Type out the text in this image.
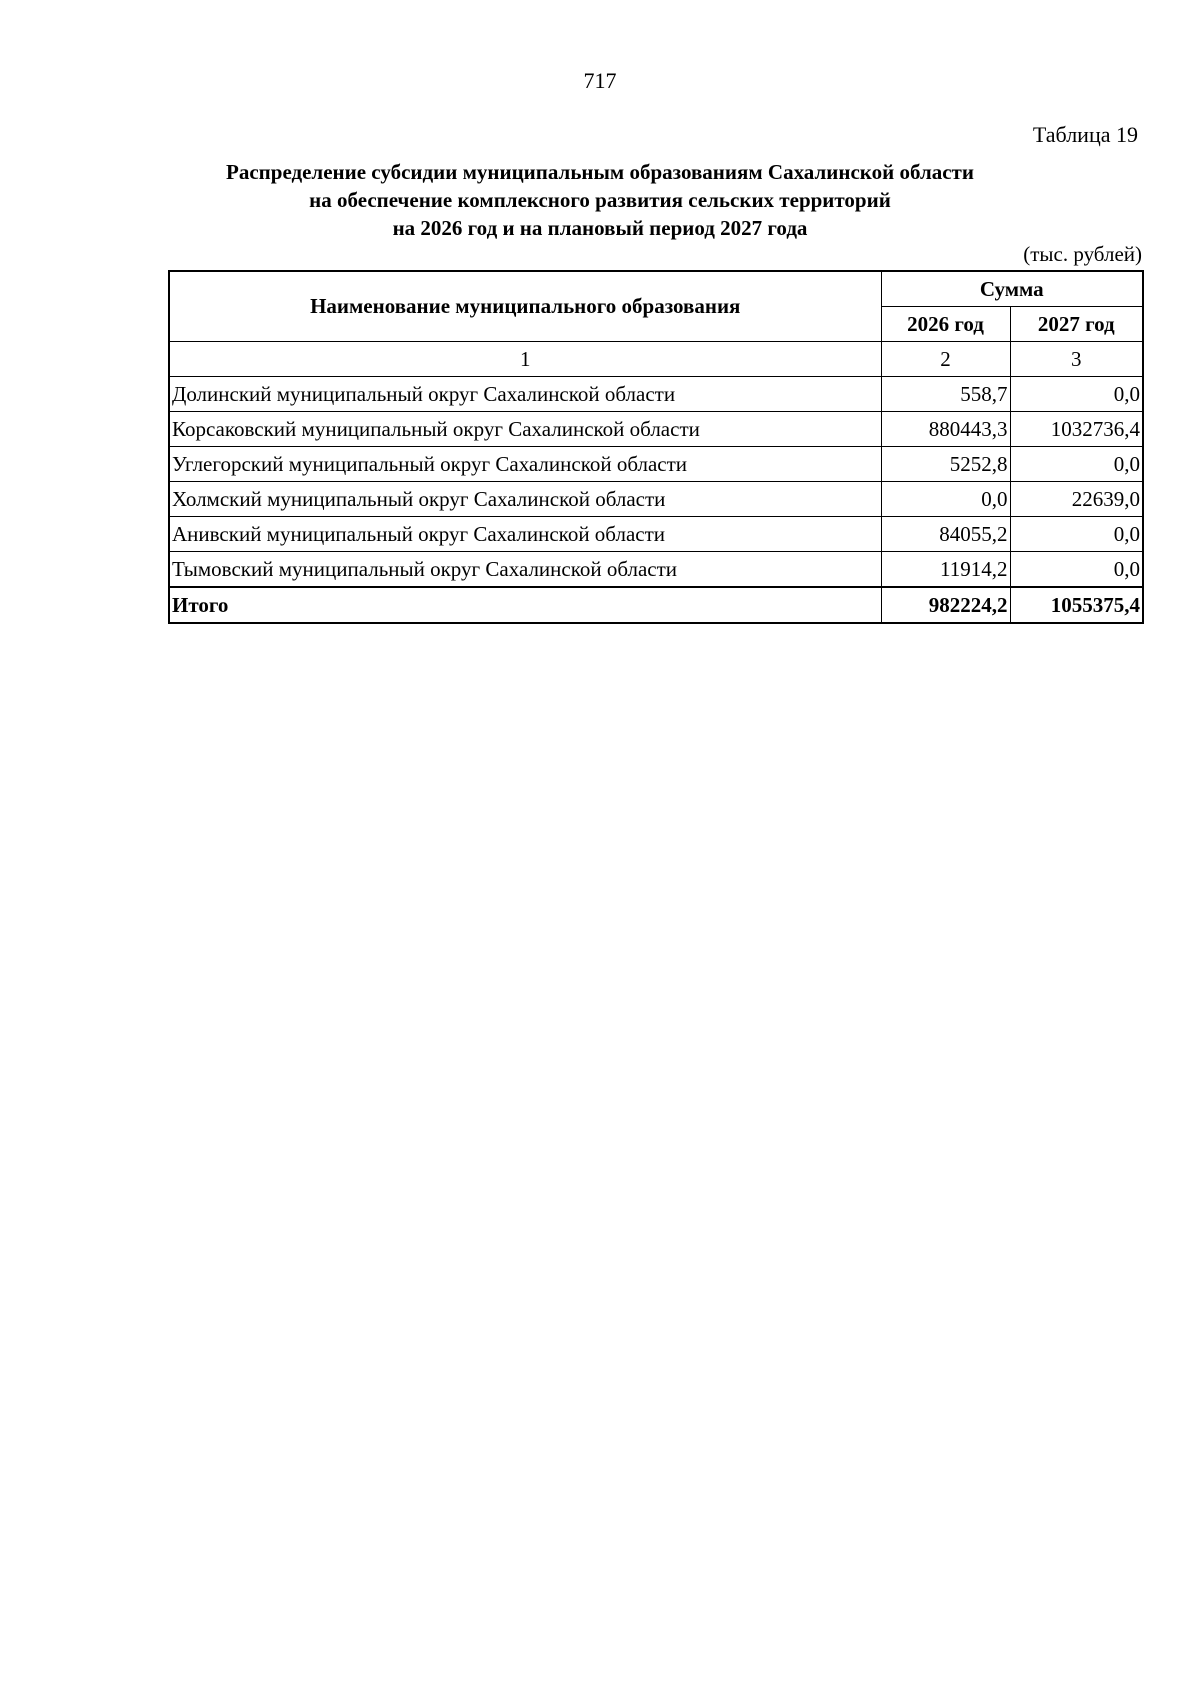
717
Таблица 19
Распределение субсидии муниципальным образованиям Сахалинской области
на обеспечение комплексного развития сельских территорий
на 2026 год и на плановый период 2027 года
(тыс. рублей)
Наименование муниципального образования	Сумма	
	2026 год	2027 год
1	2	3
Долинский муниципальный округ Сахалинской области	558,7	0,0
Корсаковский муниципальный округ Сахалинской области	880443,3	1032736,4
Углегорский муниципальный округ Сахалинской области	5252,8	0,0
Холмский муниципальный округ Сахалинской области	0,0	22639,0
Анивский муниципальный округ Сахалинской области	84055,2	0,0
Тымовский муниципальный округ Сахалинской области	11914,2	0,0
Итого	982224,2	1055375,4
